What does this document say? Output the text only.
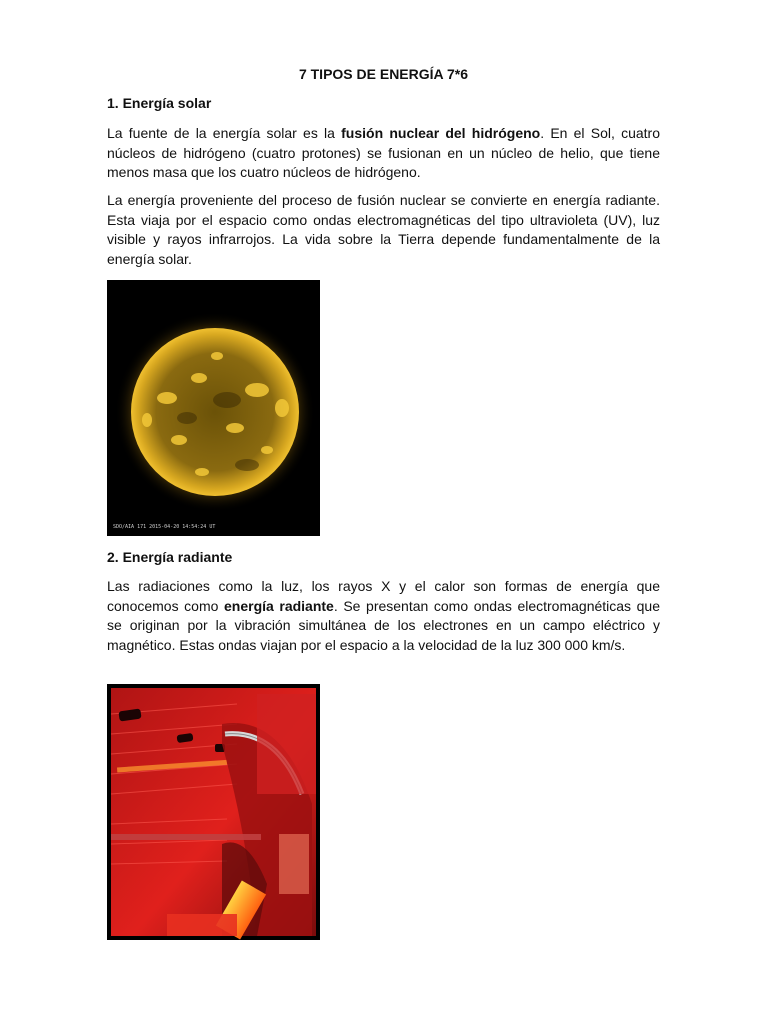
7 TIPOS DE ENERGÍA 7*6
1. Energía solar

La fuente de la energía solar es la fusión nuclear del hidrógeno. En el Sol, cuatro núcleos de hidrógeno (cuatro protones) se fusionan en un núcleo de helio, que tiene menos masa que los cuatro núcleos de hidrógeno.

La energía proveniente del proceso de fusión nuclear se convierte en energía radiante. Esta viaja por el espacio como ondas electromagnéticas del tipo ultravioleta (UV), luz visible y rayos infrarrojos. La vida sobre la Tierra depende fundamentalmente de la energía solar.

SDO/AIA 171 2015-04-20 14:54:24 UT
2. Energía radiante

Las radiaciones como la luz, los rayos X y el calor son formas de energía que conocemos como energía radiante. Se presentan como ondas electromagnéticas que se originan por la vibración simultánea de los electrones en un campo eléctrico y magnético. Estas ondas viajan por el espacio a la velocidad de la luz 300 000 km/s.
